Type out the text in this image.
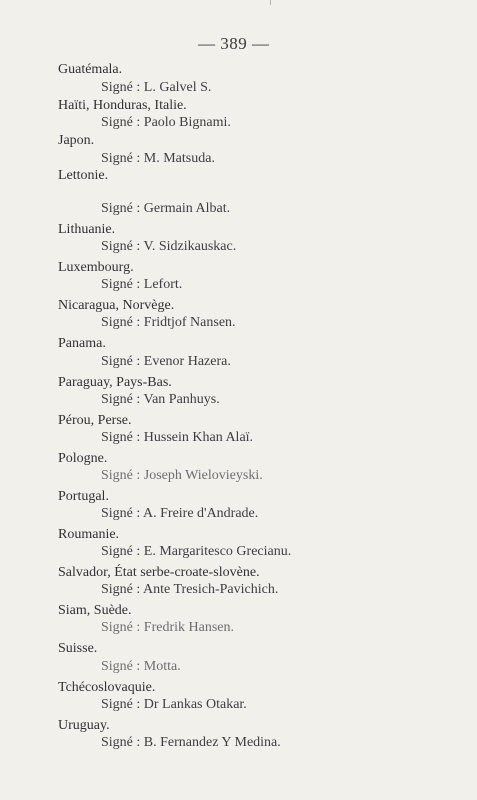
— 389 —
Guatémala.
Signé : L. Galvel S.
Haïti, Honduras, Italie.
Signé : Paolo Bignami.
Japon.
Signé : M. Matsuda.
Lettonie.
Signé : Germain Albat.
Lithuanie.
Signé : V. Sidzikauskac.
Luxembourg.
Signé : Lefort.
Nicaragua, Norvège.
Signé : Fridtjof Nansen.
Panama.
Signé : Evenor Hazera.
Paraguay, Pays-Bas.
Signé : Van Panhuys.
Pérou, Perse.
Signé : Hussein Khan Alaï.
Pologne.
Signé : Joseph Wielovieyski.
Portugal.
Signé : A. Freire d'Andrade.
Roumanie.
Signé : E. Margaritesco Grecianu.
Salvador, État serbe-croate-slovène.
Signé : Ante Tresich-Pavichich.
Siam, Suède.
Signé : Fredrik Hansen.
Suisse.
Signé : Motta.
Tchécoslovaquie.
Signé : Dr Lankas Otakar.
Uruguay.
Signé : B. Fernandez Y Medina.
